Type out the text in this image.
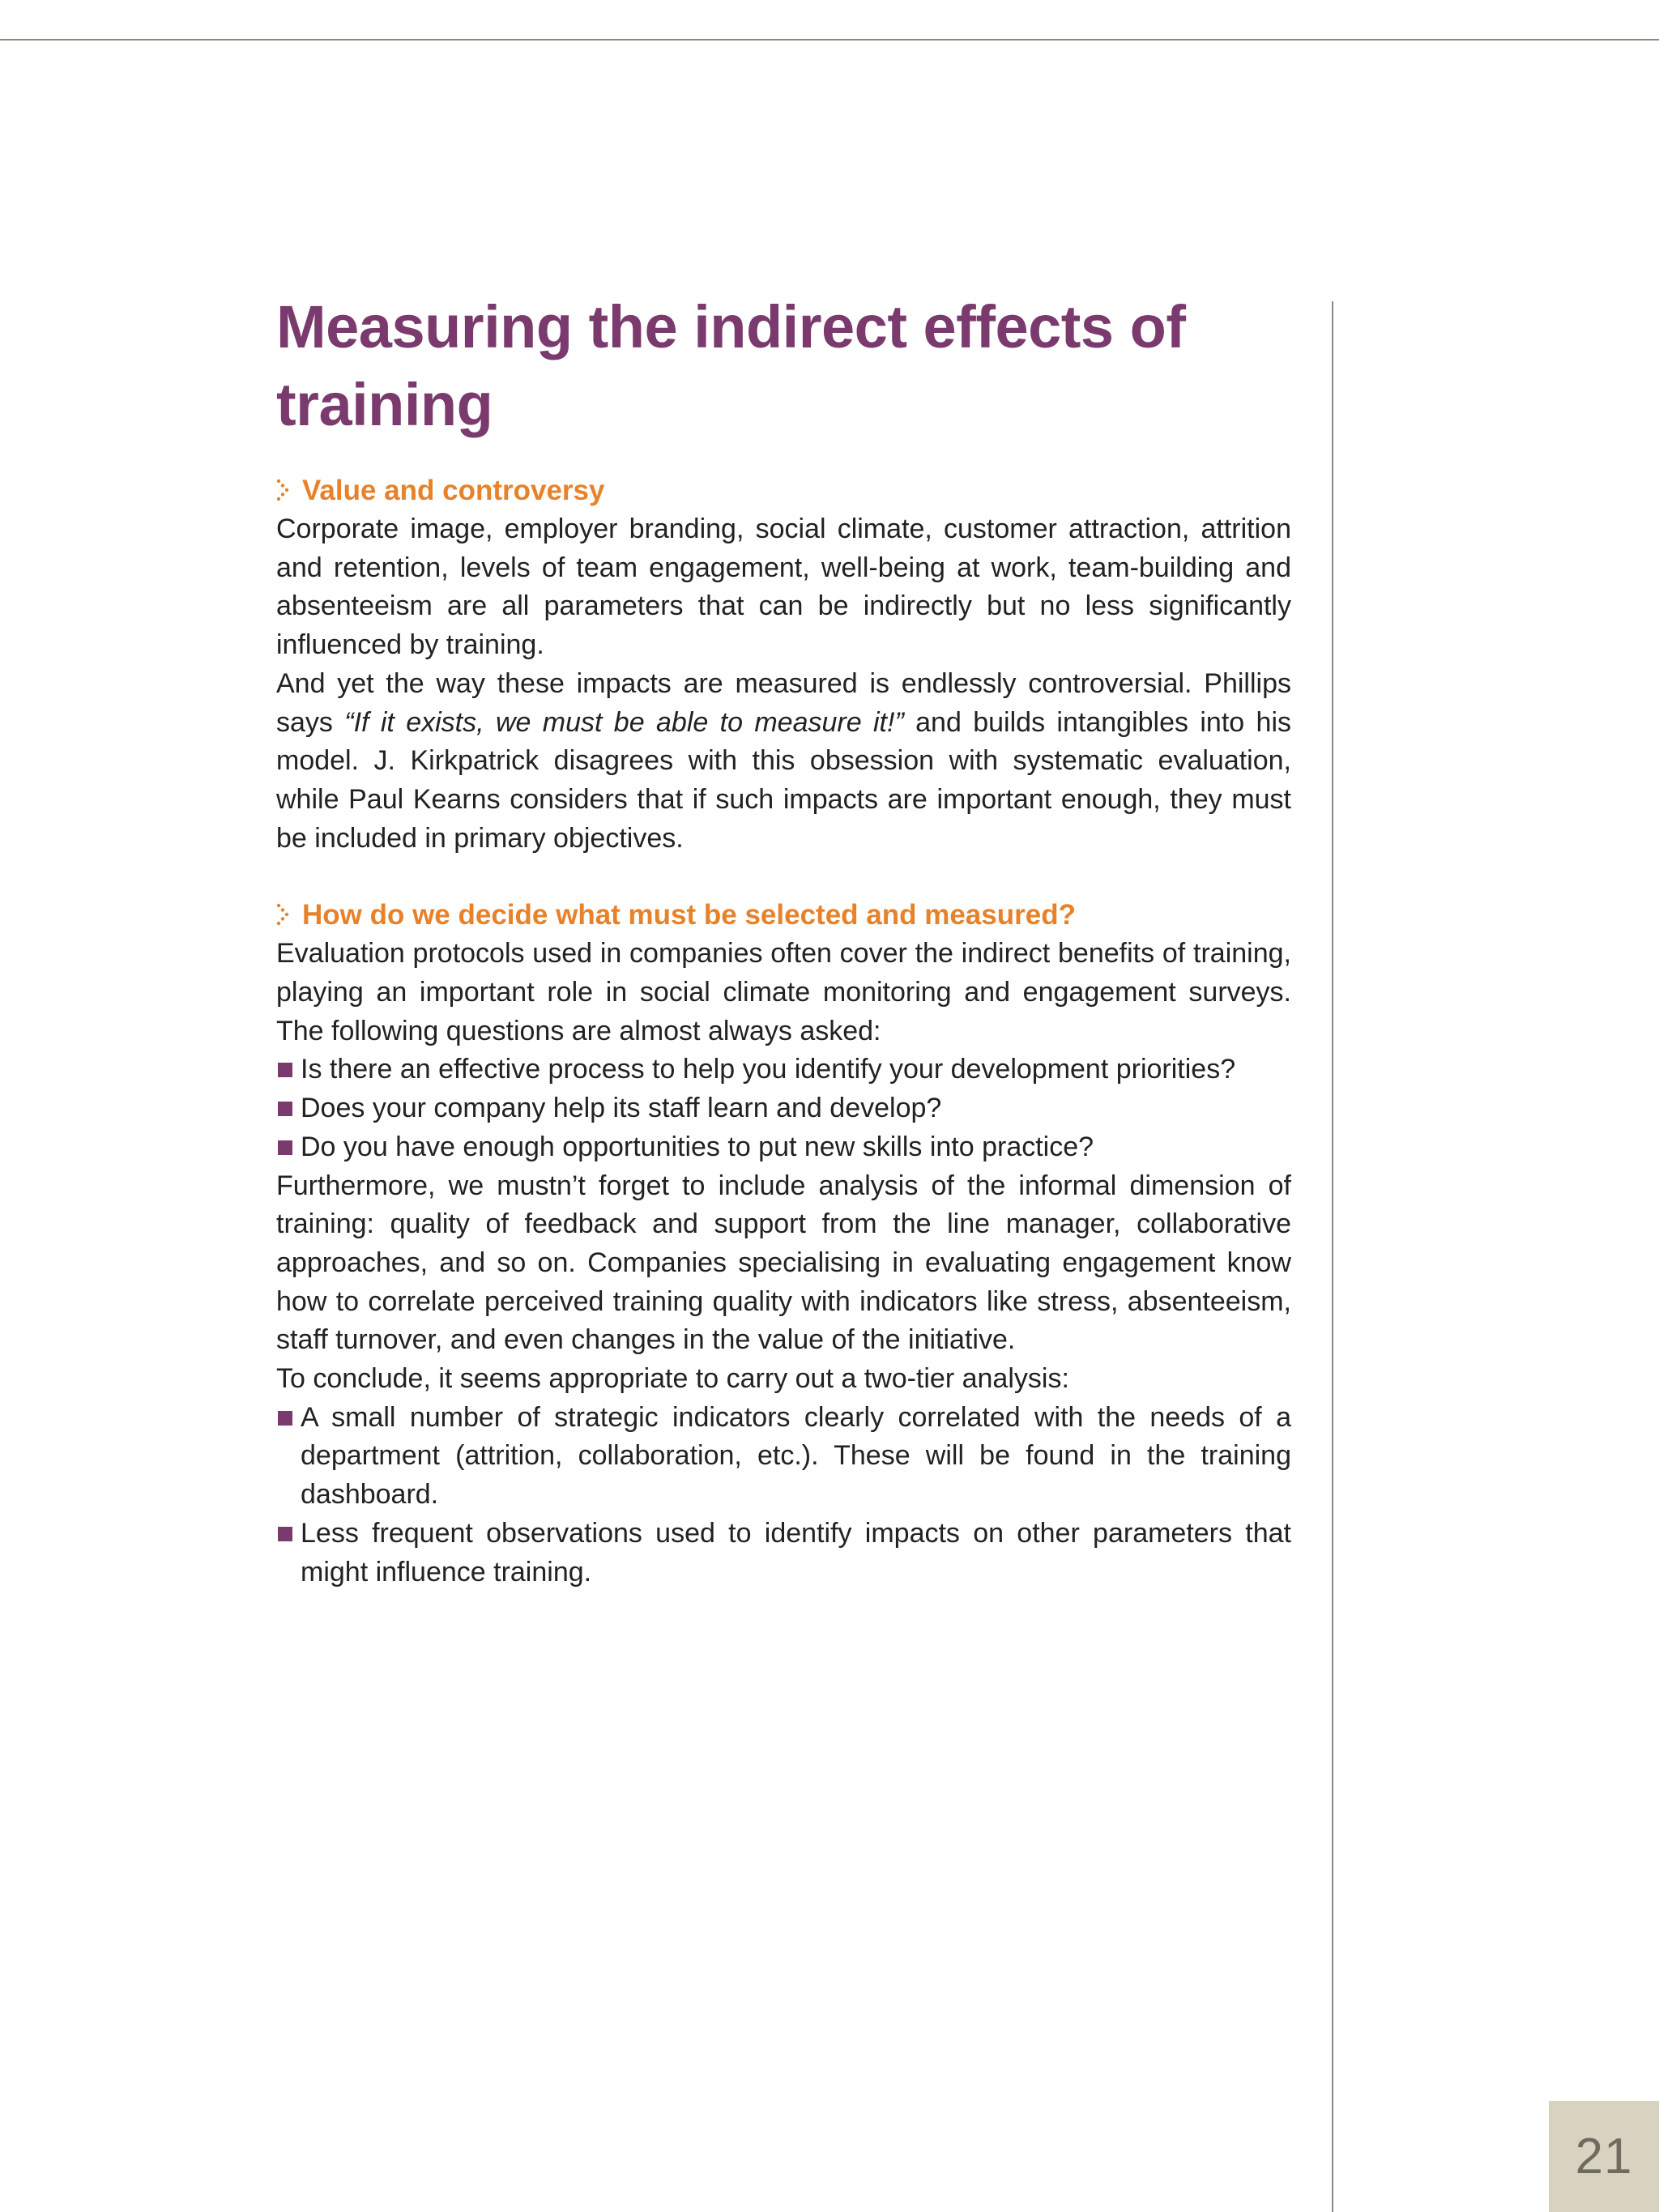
21
Measuring the indirect effects of training
Value and controversy

Corporate image, employer branding, social climate, customer attraction, attrition and retention, levels of team engagement, well-being at work, team-building and absenteeism are all parameters that can be indirectly but no less significantly influenced by training.

And yet the way these impacts are measured is endlessly controversial. Phillips says “If it exists, we must be able to measure it!” and builds intangibles into his model. J. Kirkpatrick disagrees with this obsession with systematic evaluation, while Paul Kearns considers that if such impacts are important enough, they must be included in primary objectives.

How do we decide what must be selected and measured?

Evaluation protocols used in companies often cover the indirect benefits of training, playing an important role in social climate monitoring and engagement surveys. The following questions are almost always asked:

Is there an effective process to help you identify your development priorities?
Does your company help its staff learn and develop?
Do you have enough opportunities to put new skills into practice?

Furthermore, we mustn’t forget to include analysis of the informal dimension of training: quality of feedback and support from the line manager, collaborative approaches, and so on. Companies specialising in evaluating engagement know how to correlate perceived training quality with indicators like stress, absenteeism, staff turnover, and even changes in the value of the initiative.

To conclude, it seems appropriate to carry out a two-tier analysis:

A small number of strategic indicators clearly correlated with the needs of a department (attrition, collaboration, etc.). These will be found in the training dashboard.
Less frequent observations used to identify impacts on other parameters that might influence training.
